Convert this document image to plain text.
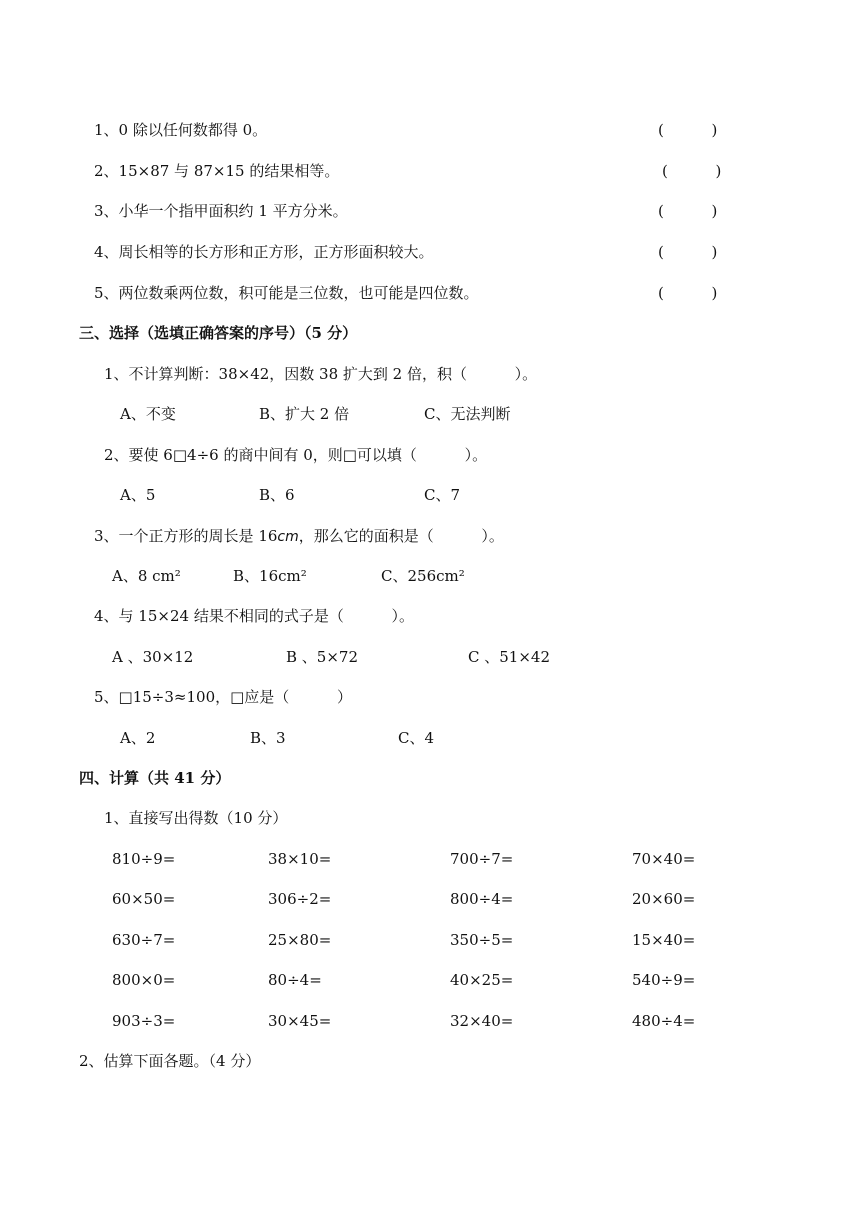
1、0 除以任何数都得 0。	(          )
2、15×87 与 87×15 的结果相等。	(          )
3、小华一个指甲面积约 1 平方分米。	(          )
4、周长相等的长方形和正方形，正方形面积较大。	(          )
5、两位数乘两位数，积可能是三位数，也可能是四位数。	(          )
三、选择（选填正确答案的序号）（5 分）
1、不计算判断：38×42，因数 38 扩大到 2 倍，积（          ）。
A、不变	B、扩大 2 倍	C、无法判断
2、要使 6□4÷6 的商中间有 0，则□可以填（          ）。
A、5	B、6	C、7
3、一个正方形的周长是 16cm，那么它的面积是（          ）。
A、8 cm²	B、16cm²	C、256cm²
4、与 15×24 结果不相同的式子是（          ）。
A 、30×12	B 、5×72	C 、51×42
5、□15÷3≈100，□应是（          ）
A、2	B、3	C、4
四、计算（共 41 分）
1、直接写出得数（10 分）
810÷9=	38×10=	700÷7=	70×40=
60×50=	306÷2=	800÷4=	20×60=
630÷7=	25×80=	350÷5=	15×40=
800×0=	80÷4=	40×25=	540÷9=
903÷3=	30×45=	32×40=	480÷4=
2、估算下面各题。（4 分）
